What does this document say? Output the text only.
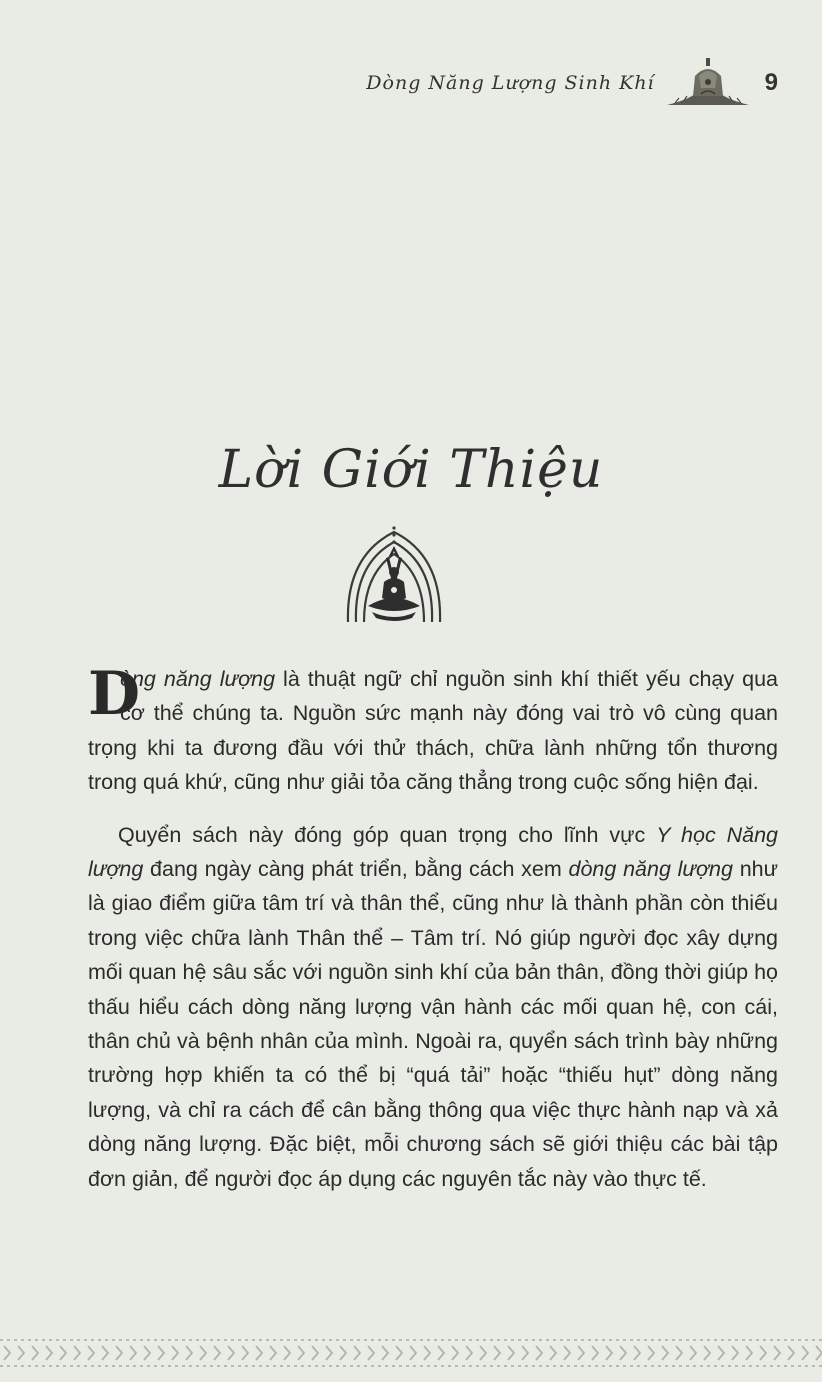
Dòng Năng Lượng Sinh Khí	9
Lời Giới Thiệu

D
òng năng lượng là thuật ngữ chỉ nguồn sinh khí thiết yếu chạy qua cơ thể chúng ta. Nguồn sức mạnh này đóng vai trò vô cùng quan trọng khi ta đương đầu với thử thách, chữa lành những tổn thương trong quá khứ, cũng như giải tỏa căng thẳng trong cuộc sống hiện đại.

Quyển sách này đóng góp quan trọng cho lĩnh vực Y học Năng lượng đang ngày càng phát triển, bằng cách xem dòng năng lượng như là giao điểm giữa tâm trí và thân thể, cũng như là thành phần còn thiếu trong việc chữa lành Thân thể – Tâm trí. Nó giúp người đọc xây dựng mối quan hệ sâu sắc với nguồn sinh khí của bản thân, đồng thời giúp họ thấu hiểu cách dòng năng lượng vận hành các mối quan hệ, con cái, thân chủ và bệnh nhân của mình. Ngoài ra, quyển sách trình bày những trường hợp khiến ta có thể bị “quá tải” hoặc “thiếu hụt” dòng năng lượng, và chỉ ra cách để cân bằng thông qua việc thực hành nạp và xả dòng năng lượng. Đặc biệt, mỗi chương sách sẽ giới thiệu các bài tập đơn giản, để người đọc áp dụng các nguyên tắc này vào thực tế.
